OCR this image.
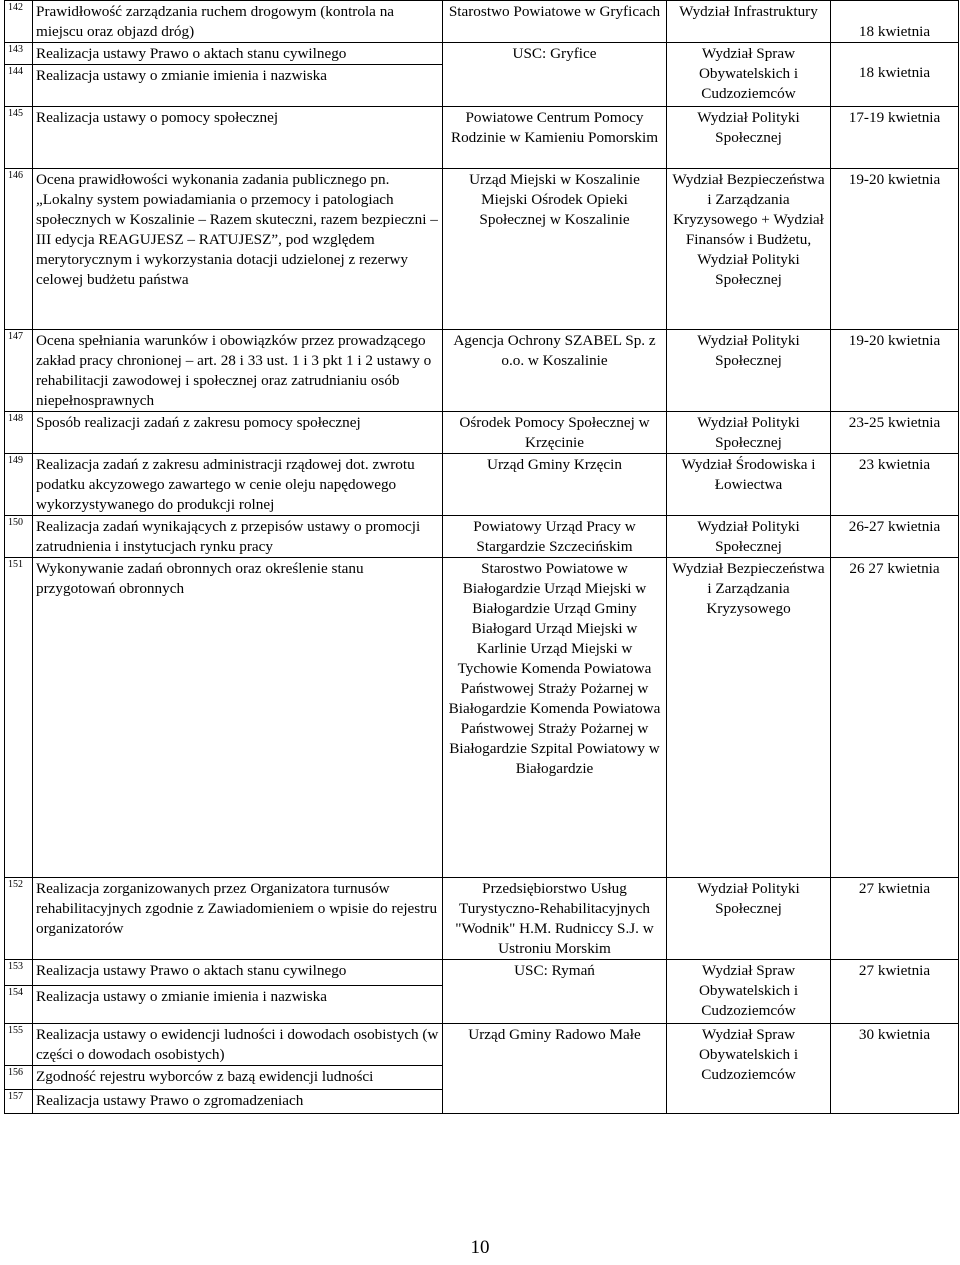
142	Prawidłowość zarządzania ruchem drogowym (kontrola na miejscu oraz objazd dróg)	Starostwo Powiatowe w Gryficach	Wydział Infrastruktury	18 kwietnia
143	Realizacja ustawy Prawo o aktach stanu cywilnego	USC: Gryfice	Wydział Spraw Obywatelskich i Cudzoziemców	18 kwietnia
144	Realizacja ustawy o zmianie imienia i nazwiska			
145	Realizacja ustawy o pomocy społecznej	Powiatowe Centrum Pomocy Rodzinie w Kamieniu Pomorskim	Wydział Polityki Społecznej	17-19 kwietnia
146	Ocena prawidłowości wykonania zadania publicznego pn. „Lokalny system powiadamiania o przemocy i patologiach społecznych w Koszalinie – Razem skuteczni, razem bezpieczni – III edycja REAGUJESZ – RATUJESZ”, pod względem merytorycznym i wykorzystania dotacji udzielonej z rezerwy celowej budżetu państwa	Urząd Miejski w Koszalinie Miejski Ośrodek Opieki Społecznej w Koszalinie	Wydział Bezpieczeństwa i Zarządzania Kryzysowego + Wydział Finansów i Budżetu, Wydział Polityki Społecznej	19-20 kwietnia
147	Ocena spełniania warunków i obowiązków przez prowadzącego zakład pracy chronionej – art. 28 i 33 ust. 1 i 3 pkt 1 i 2 ustawy o rehabilitacji zawodowej i społecznej oraz zatrudnianiu osób niepełnosprawnych	Agencja Ochrony SZABEL Sp. z o.o. w Koszalinie	Wydział Polityki Społecznej	19-20 kwietnia
148	Sposób realizacji zadań z zakresu pomocy społecznej	Ośrodek Pomocy Społecznej w Krzęcinie	Wydział Polityki Społecznej	23-25 kwietnia
149	Realizacja zadań z zakresu administracji rządowej dot. zwrotu podatku akcyzowego zawartego w cenie oleju napędowego wykorzystywanego do produkcji rolnej	Urząd Gminy Krzęcin	Wydział Środowiska i Łowiectwa	23 kwietnia
150	Realizacja zadań wynikających z przepisów ustawy o promocji zatrudnienia i instytucjach rynku pracy	Powiatowy Urząd Pracy w Stargardzie Szczecińskim	Wydział Polityki Społecznej	26-27 kwietnia
151	Wykonywanie zadań obronnych oraz określenie stanu przygotowań obronnych	Starostwo Powiatowe w Białogardzie Urząd Miejski w Białogardzie Urząd Gminy Białogard Urząd Miejski w Karlinie Urząd Miejski w Tychowie Komenda Powiatowa Państwowej Straży Pożarnej w Białogardzie Komenda Powiatowa Państwowej Straży Pożarnej w Białogardzie Szpital Powiatowy w Białogardzie	Wydział Bezpieczeństwa i Zarządzania Kryzysowego	26 27 kwietnia
152	Realizacja zorganizowanych przez Organizatora turnusów rehabilitacyjnych zgodnie z Zawiadomieniem o wpisie do rejestru organizatorów	Przedsiębiorstwo Usług Turystyczno-Rehabilitacyjnych "Wodnik" H.M. Rudniccy S.J. w Ustroniu Morskim	Wydział Polityki Społecznej	27 kwietnia
153	Realizacja ustawy Prawo o aktach stanu cywilnego	USC: Rymań	Wydział Spraw Obywatelskich i Cudzoziemców	27 kwietnia
154	Realizacja ustawy o zmianie imienia i nazwiska			
155	Realizacja ustawy o ewidencji ludności i dowodach osobistych (w części o dowodach osobistych)	Urząd Gminy Radowo Małe	Wydział Spraw Obywatelskich i Cudzoziemców	30 kwietnia
156	Zgodność rejestru wyborców z bazą ewidencji ludności			
157	Realizacja ustawy Prawo o zgromadzeniach			
10
